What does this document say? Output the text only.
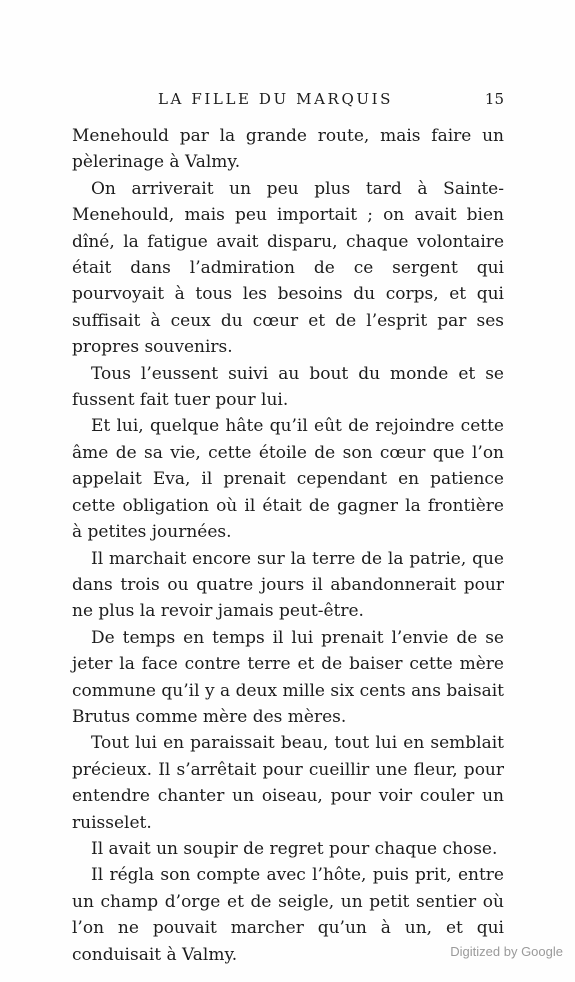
LA FILLE DU MARQUIS	15

Menehould par la grande route, mais faire un pèlerinage à Valmy.

On arriverait un peu plus tard à Sainte-Menehould, mais peu importait ; on avait bien dîné, la fatigue avait disparu, chaque volontaire était dans l’admiration de ce sergent qui pourvoyait à tous les besoins du corps, et qui suffisait à ceux du cœur et de l’esprit par ses propres souvenirs.

Tous l’eussent suivi au bout du monde et se fussent fait tuer pour lui.

Et lui, quelque hâte qu’il eût de rejoindre cette âme de sa vie, cette étoile de son cœur que l’on appelait Eva, il prenait cependant en patience cette obligation où il était de gagner la frontière à petites journées.

Il marchait encore sur la terre de la patrie, que dans trois ou quatre jours il abandonnerait pour ne plus la revoir jamais peut-être.

De temps en temps il lui prenait l’envie de se jeter la face contre terre et de baiser cette mère commune qu’il y a deux mille six cents ans baisait Brutus comme mère des mères.

Tout lui en paraissait beau, tout lui en semblait précieux. Il s’arrêtait pour cueillir une fleur, pour entendre chanter un oiseau, pour voir couler un ruisselet.

Il avait un soupir de regret pour chaque chose.

Il régla son compte avec l’hôte, puis prit, entre un champ d’orge et de seigle, un petit sentier où l’on ne pouvait marcher qu’un à un, et qui conduisait à Valmy.	Digitized by Google
